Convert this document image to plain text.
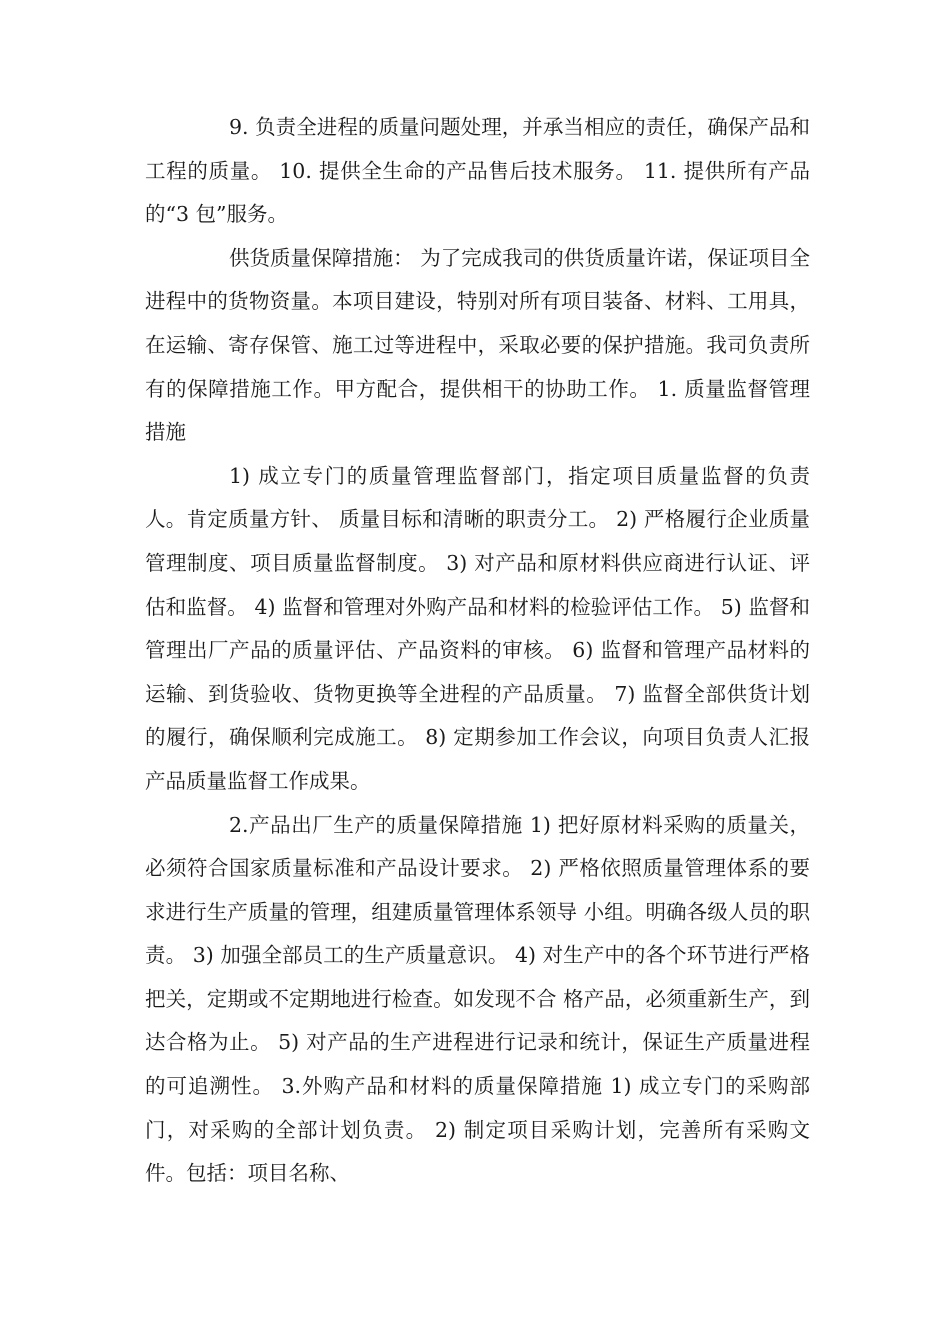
9. 负责全进程的质量问题处理，并承当相应的责任，确保产品和工程的质量。 10. 提供全生命的产品售后技术服务。 11. 提供所有产品的“3 包”服务。

供货质量保障措施： 为了完成我司的供货质量许诺，保证项目全进程中的货物资量。本项目建设，特别对所有项目装备、材料、工用具，在运输、寄存保管、施工过等进程中，采取必要的保护措施。我司负责所有的保障措施工作。甲方配合，提供相干的协助工作。 1. 质量监督管理措施

1) 成立专门的质量管理监督部门，指定项目质量监督的负责人。肯定质量方针、 质量目标和清晰的职责分工。 2) 严格履行企业质量管理制度、项目质量监督制度。 3) 对产品和原材料供应商进行认证、评估和监督。 4) 监督和管理对外购产品和材料的检验评估工作。 5) 监督和管理出厂产品的质量评估、产品资料的审核。 6) 监督和管理产品材料的运输、到货验收、货物更换等全进程的产品质量。 7) 监督全部供货计划的履行，确保顺利完成施工。 8) 定期参加工作会议，向项目负责人汇报产品质量监督工作成果。

2.产品出厂生产的质量保障措施 1) 把好原材料采购的质量关，必须符合国家质量标准和产品设计要求。 2) 严格依照质量管理体系的要求进行生产质量的管理，组建质量管理体系领导 小组。明确各级人员的职责。 3) 加强全部员工的生产质量意识。 4) 对生产中的各个环节进行严格把关，定期或不定期地进行检查。如发现不合 格产品，必须重新生产，到达合格为止。 5) 对产品的生产进程进行记录和统计，保证生产质量进程的可追溯性。 3.外购产品和材料的质量保障措施 1) 成立专门的采购部门，对采购的全部计划负责。 2) 制定项目采购计划，完善所有采购文件。包括：项目名称、
